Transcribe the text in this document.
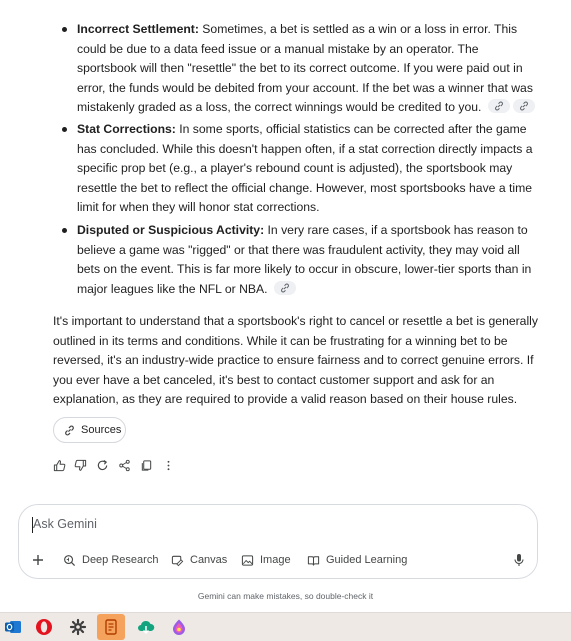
Incorrect Settlement: Sometimes, a bet is settled as a win or a loss in error. This could be due to a data feed issue or a manual mistake by an operator. The sportsbook will then "resettle" the bet to its correct outcome. If you were paid out in error, the funds would be debited from your account. If the bet was a winner that was mistakenly graded as a loss, the correct winnings would be credited to you.
Stat Corrections: In some sports, official statistics can be corrected after the game has concluded. While this doesn't happen often, if a stat correction directly impacts a specific prop bet (e.g., a player's rebound count is adjusted), the sportsbook may resettle the bet to reflect the official change. However, most sportsbooks have a time limit for when they will honor stat corrections.
Disputed or Suspicious Activity: In very rare cases, if a sportsbook has reason to believe a game was "rigged" or that there was fraudulent activity, they may void all bets on the event. This is far more likely to occur in obscure, lower-tier sports than in major leagues like the NFL or NBA.

It's important to understand that a sportsbook's right to cancel or resettle a bet is generally outlined in its terms and conditions. While it can be frustrating for a winning bet to be reversed, it's an industry-wide practice to ensure fairness and to correct genuine errors. If you ever have a bet canceled, it's best to contact customer support and ask for an explanation, as they are required to provide a valid reason based on their house rules.

Sources
Ask Gemini
Deep Research	Canvas	Image	Guided Learning
Gemini can make mistakes, so double-check it
